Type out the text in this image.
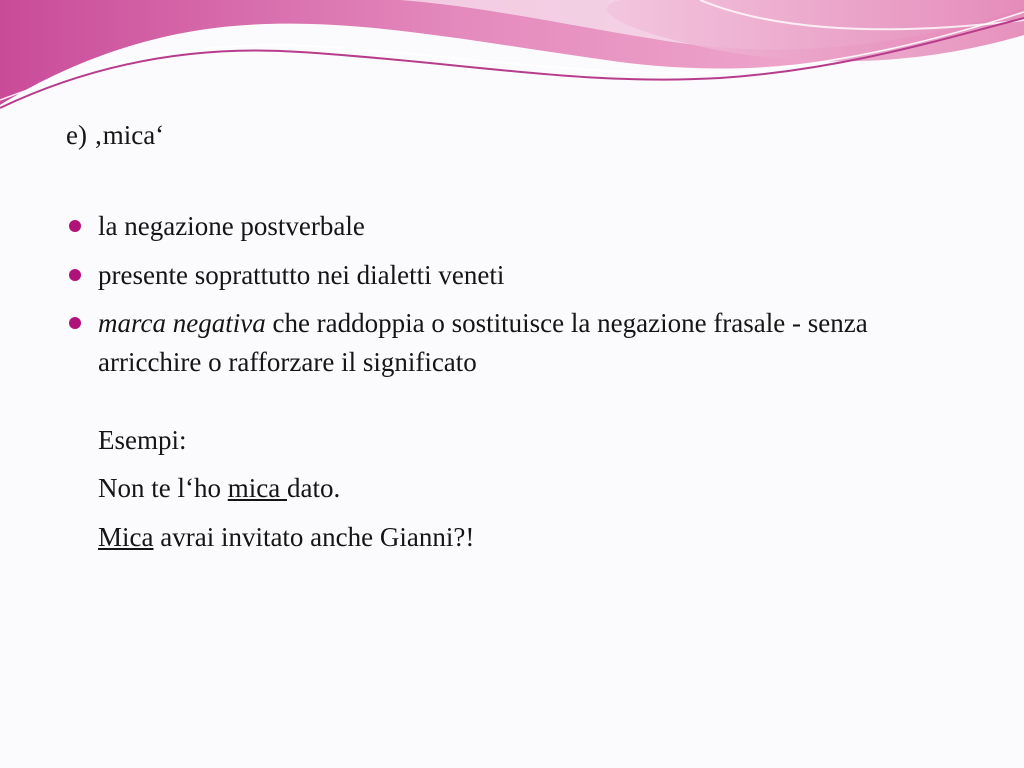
e) ‚mica‘
la negazione postverbale
presente soprattutto nei dialetti veneti
marca negativa che raddoppia o sostituisce la negazione frasale - senza arricchire o rafforzare il significato
Esempi:
Non te l‘ho mica dato.
Mica avrai invitato anche Gianni?!
